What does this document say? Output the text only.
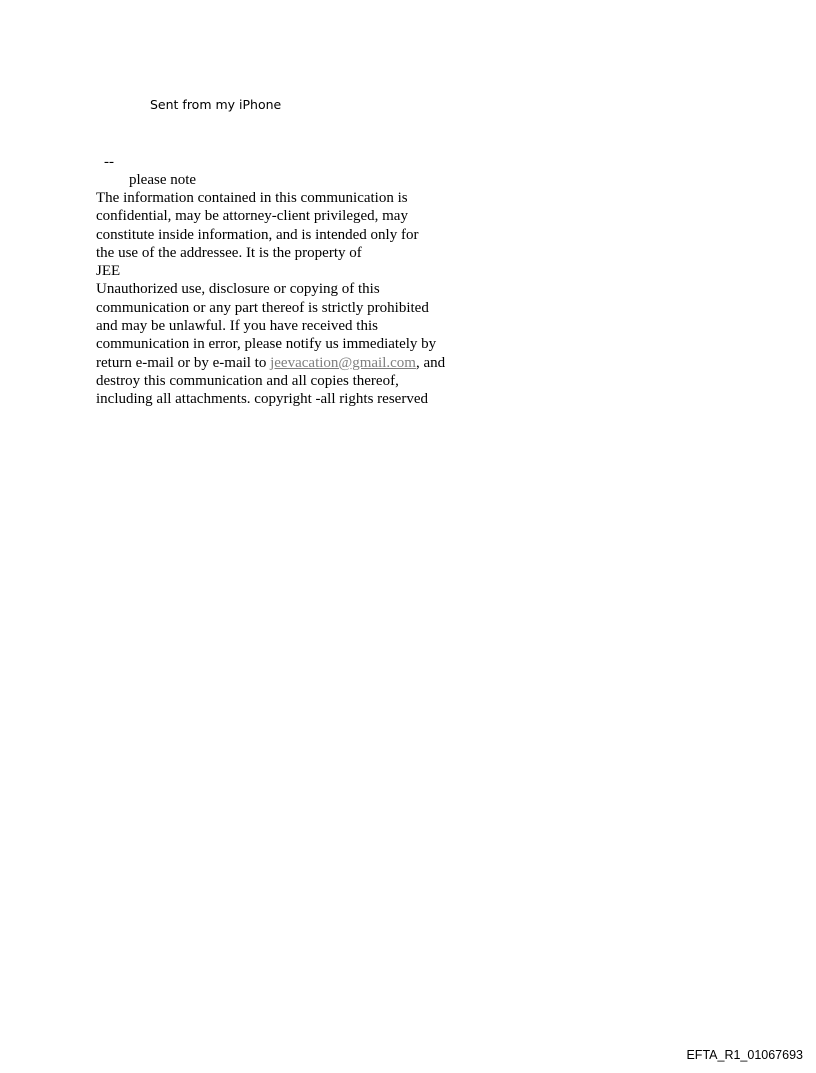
Sent from my iPhone
--
please note
The information contained in this communication is
confidential, may be attorney-client privileged, may
constitute inside information, and is intended only for
the use of the addressee. It is the property of
JEE
Unauthorized use, disclosure or copying of this
communication or any part thereof is strictly prohibited
and may be unlawful. If you have received this
communication in error, please notify us immediately by
return e-mail or by e-mail to jeevacation@gmail.com, and
destroy this communication and all copies thereof,
including all attachments. copyright -all rights reserved
EFTA_R1_01067693
